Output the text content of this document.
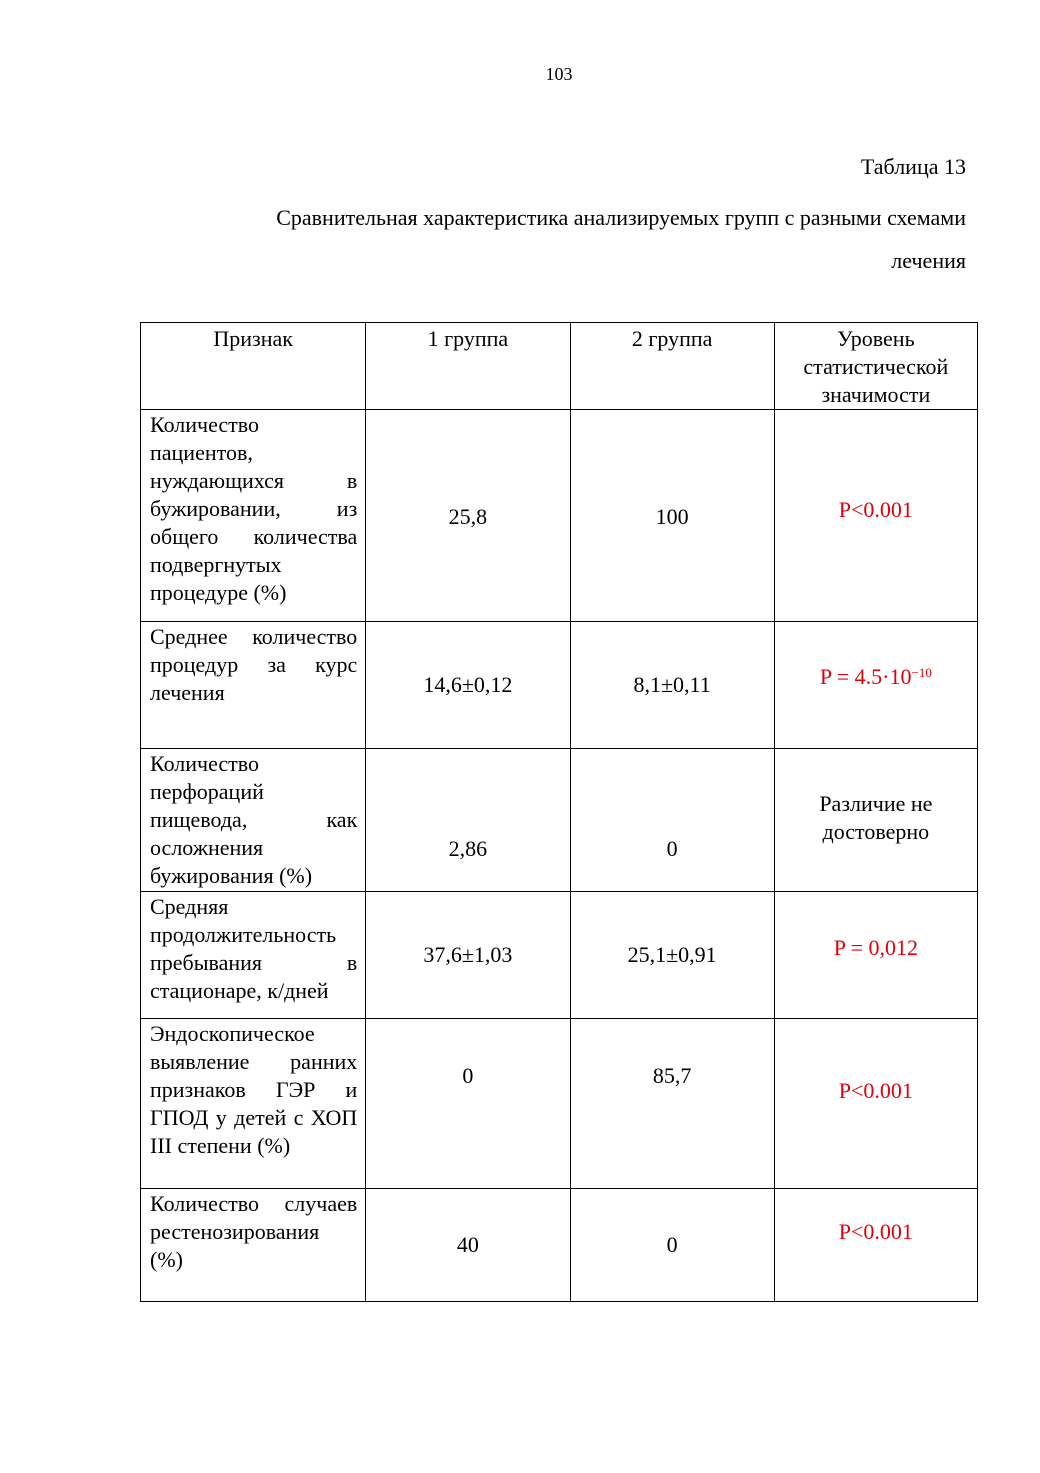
103
Таблица 13
Сравнительная характеристика анализируемых групп с разными схемами лечения
Признак	1 группа	2 группа	Уровень статистической значимости
Количество пациентов, нуждающихся в бужировании, из общего количества подвергнутых процедуре (%)	25,8	100	P<0.001
Среднее количество процедур за курс лечения	14,6±0,12	8,1±0,11	$P = 4.5\cdot 10^{-10}$
Количество перфораций пищевода, как осложнения бужирования (%)	2,86	0	Различие не достоверно
Средняя продолжительность пребывания в стационаре, к/дней	37,6±1,03	25,1±0,91	P = 0,012
Эндоскопическое выявление ранних признаков ГЭР и ГПОД у детей с ХОП III степени (%)	0	85,7	P<0.001
Количество случаев рестенозирования (%)	40	0	P<0.001
